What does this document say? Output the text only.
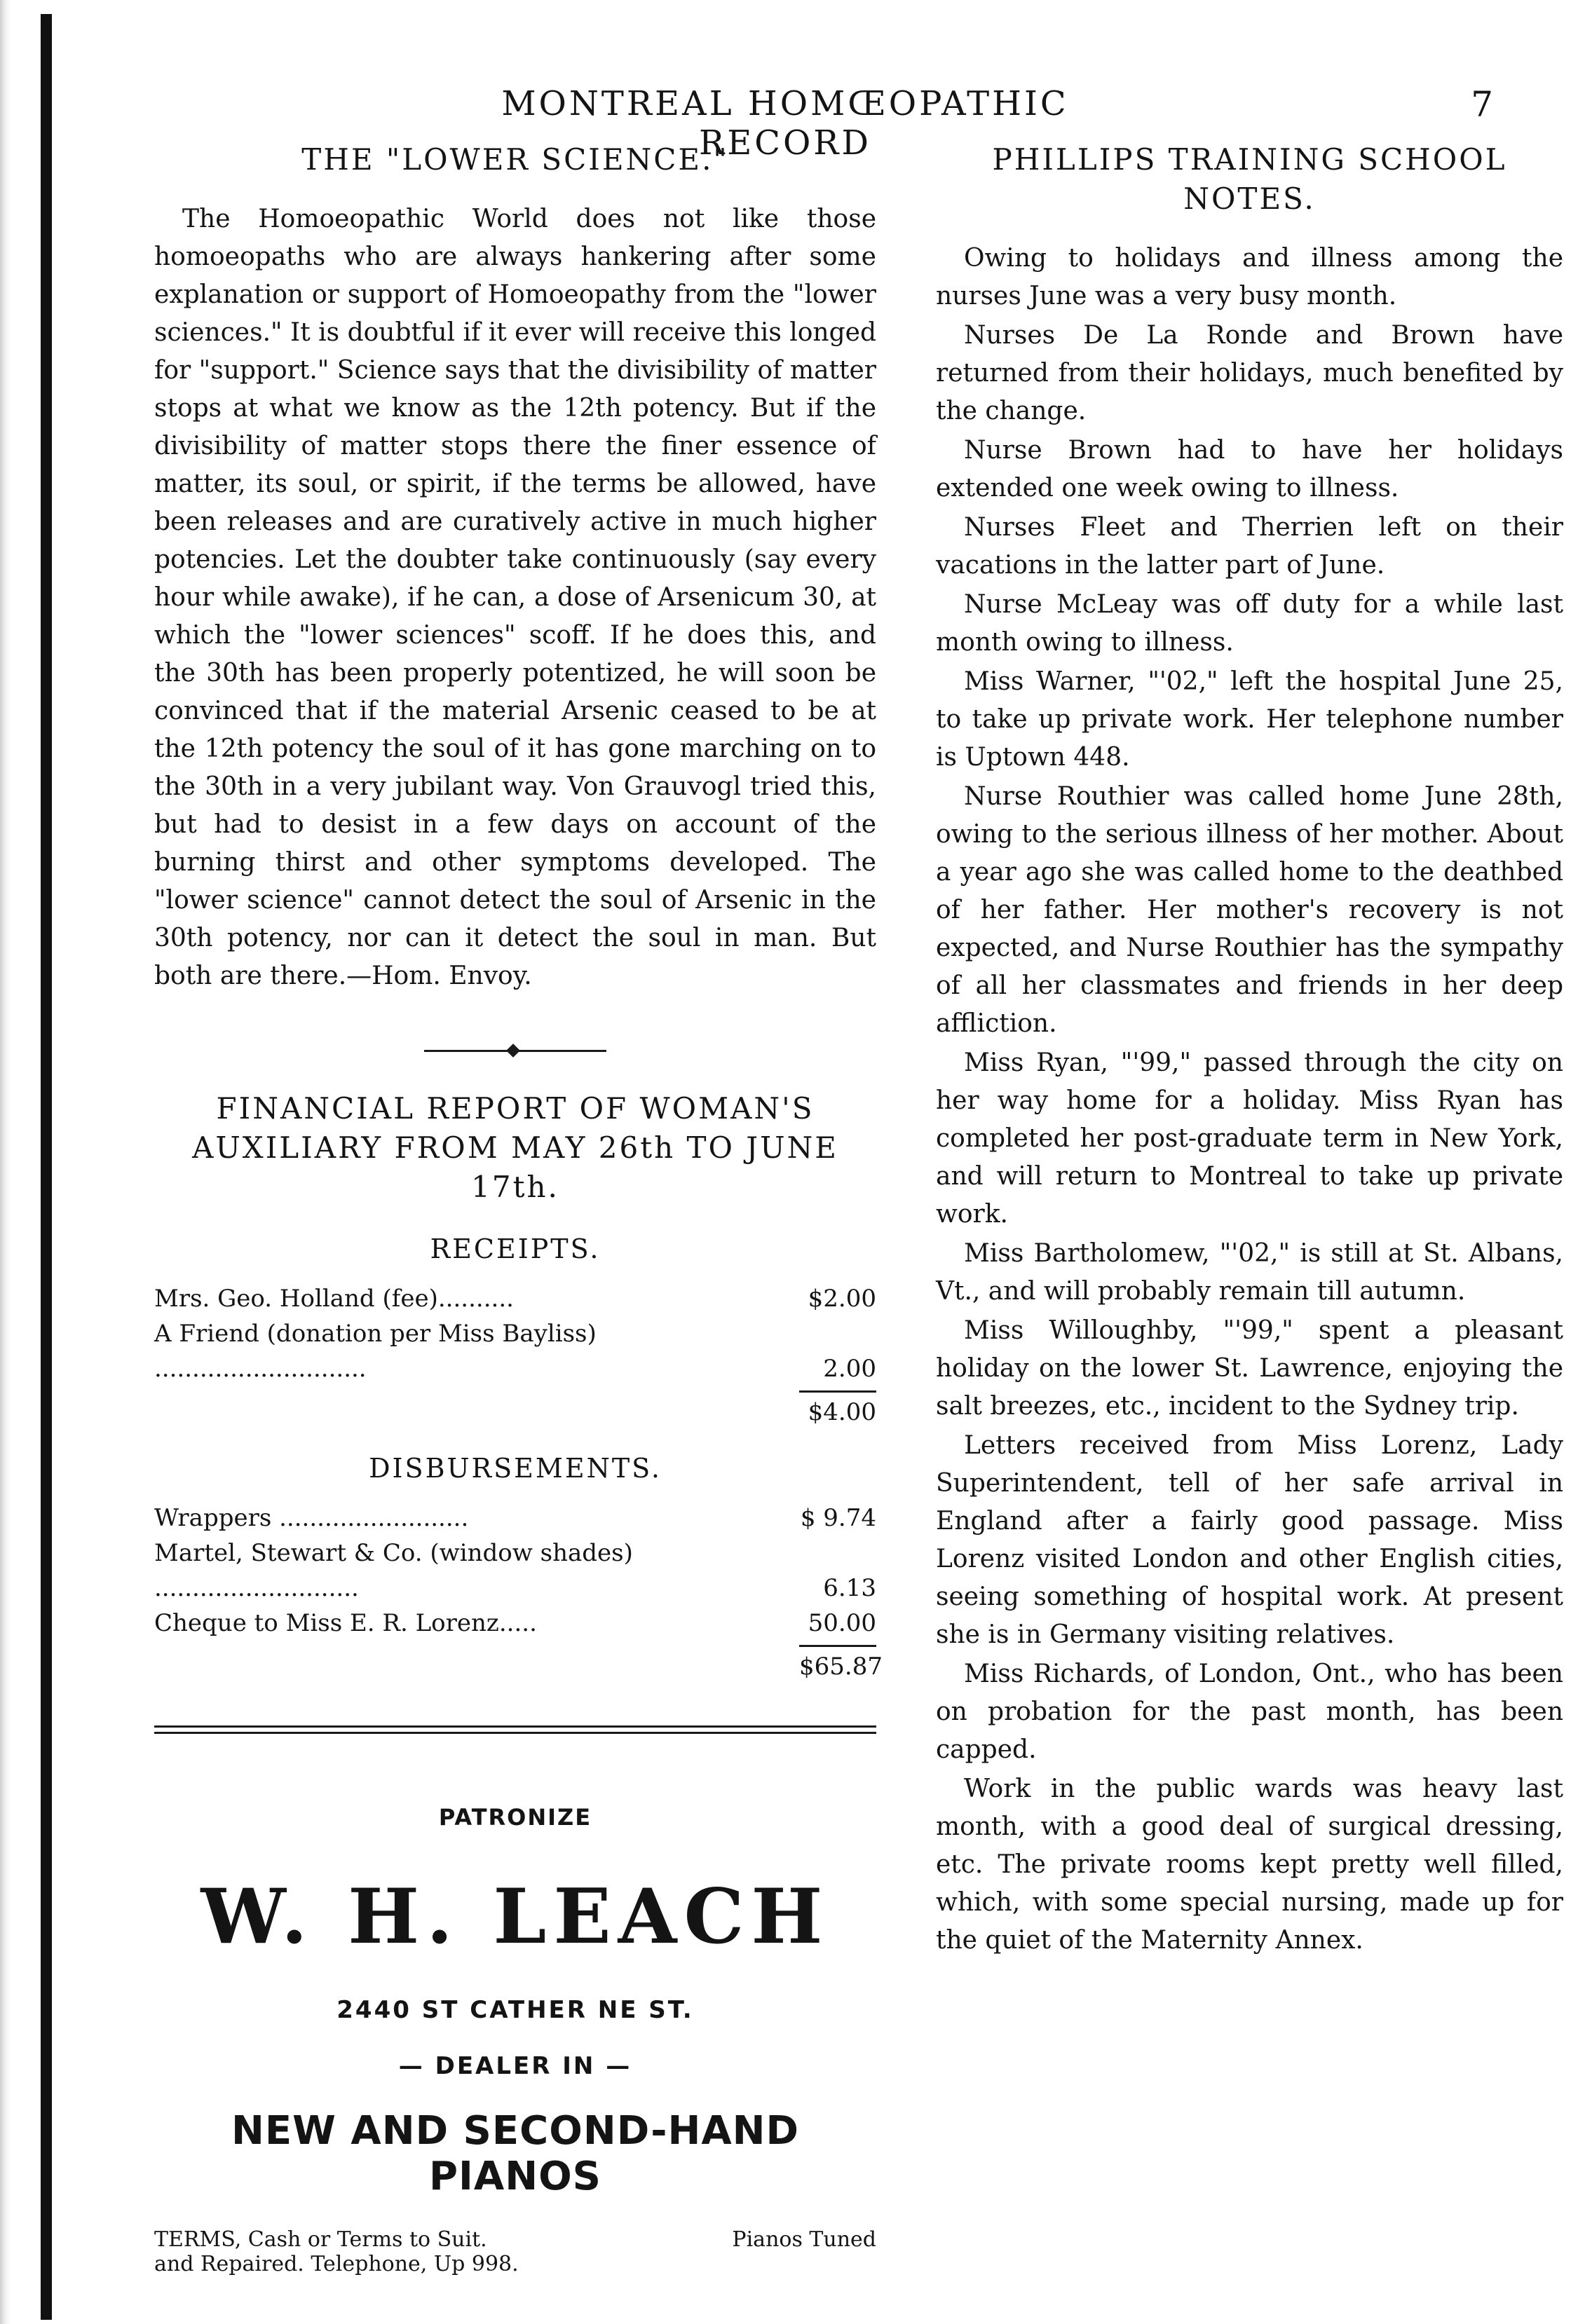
MONTREAL HOMŒOPATHIC RECORD
7
THE "LOWER SCIENCE."

The Homoeopathic World does not like those homoeopaths who are always hankering after some explanation or support of Homoeopathy from the "lower sciences." It is doubtful if it ever will receive this longed for "support." Science says that the divisibility of matter stops at what we know as the 12th potency. But if the divisibility of matter stops there the finer essence of matter, its soul, or spirit, if the terms be allowed, have been releases and are curatively active in much higher potencies. Let the doubter take continuously (say every hour while awake), if he can, a dose of Arsenicum 30, at which the "lower sciences" scoff. If he does this, and the 30th has been properly potentized, he will soon be convinced that if the material Arsenic ceased to be at the 12th potency the soul of it has gone marching on to the 30th in a very jubilant way. Von Grauvogl tried this, but had to desist in a few days on account of the burning thirst and other symptoms developed. The "lower science" cannot detect the soul of Arsenic in the 30th potency, nor can it detect the soul in man. But both are there.—Hom. Envoy.

FINANCIAL REPORT OF WOMAN'S AUXILIARY FROM MAY 26th TO JUNE 17th.
RECEIPTS.
Mrs. Geo. Holland (fee)..........	$2.00
A Friend (donation per Miss Bayliss) ............................	2.00
$4.00
DISBURSEMENTS.
Wrappers .........................	$ 9.74
Martel, Stewart & Co. (window shades) ...........................	6.13
Cheque to Miss E. R. Lorenz.....	50.00
$65.87
PATRONIZE
W. H. LEACH
2440 ST CATHER NE ST.
— DEALER IN —
NEW AND SECOND-HAND PIANOS
TERMS, Cash or Terms to Suit.
and Repaired. Telephone, Up 998.
Pianos Tuned
PHILLIPS TRAINING SCHOOL NOTES.

Owing to holidays and illness among the nurses June was a very busy month.

Nurses De La Ronde and Brown have returned from their holidays, much benefited by the change.

Nurse Brown had to have her holidays extended one week owing to illness.

Nurses Fleet and Therrien left on their vacations in the latter part of June.

Nurse McLeay was off duty for a while last month owing to illness.

Miss Warner, "'02," left the hospital June 25, to take up private work. Her telephone number is Uptown 448.

Nurse Routhier was called home June 28th, owing to the serious illness of her mother. About a year ago she was called home to the deathbed of her father. Her mother's recovery is not expected, and Nurse Routhier has the sympathy of all her classmates and friends in her deep affliction.

Miss Ryan, "'99," passed through the city on her way home for a holiday. Miss Ryan has completed her post-graduate term in New York, and will return to Montreal to take up private work.

Miss Bartholomew, "'02," is still at St. Albans, Vt., and will probably remain till autumn.

Miss Willoughby, "'99," spent a pleasant holiday on the lower St. Lawrence, enjoying the salt breezes, etc., incident to the Sydney trip.

Letters received from Miss Lorenz, Lady Superintendent, tell of her safe arrival in England after a fairly good passage. Miss Lorenz visited London and other English cities, seeing something of hospital work. At present she is in Germany visiting relatives.

Miss Richards, of London, Ont., who has been on probation for the past month, has been capped.

Work in the public wards was heavy last month, with a good deal of surgical dressing, etc. The private rooms kept pretty well filled, which, with some special nursing, made up for the quiet of the Maternity Annex.
